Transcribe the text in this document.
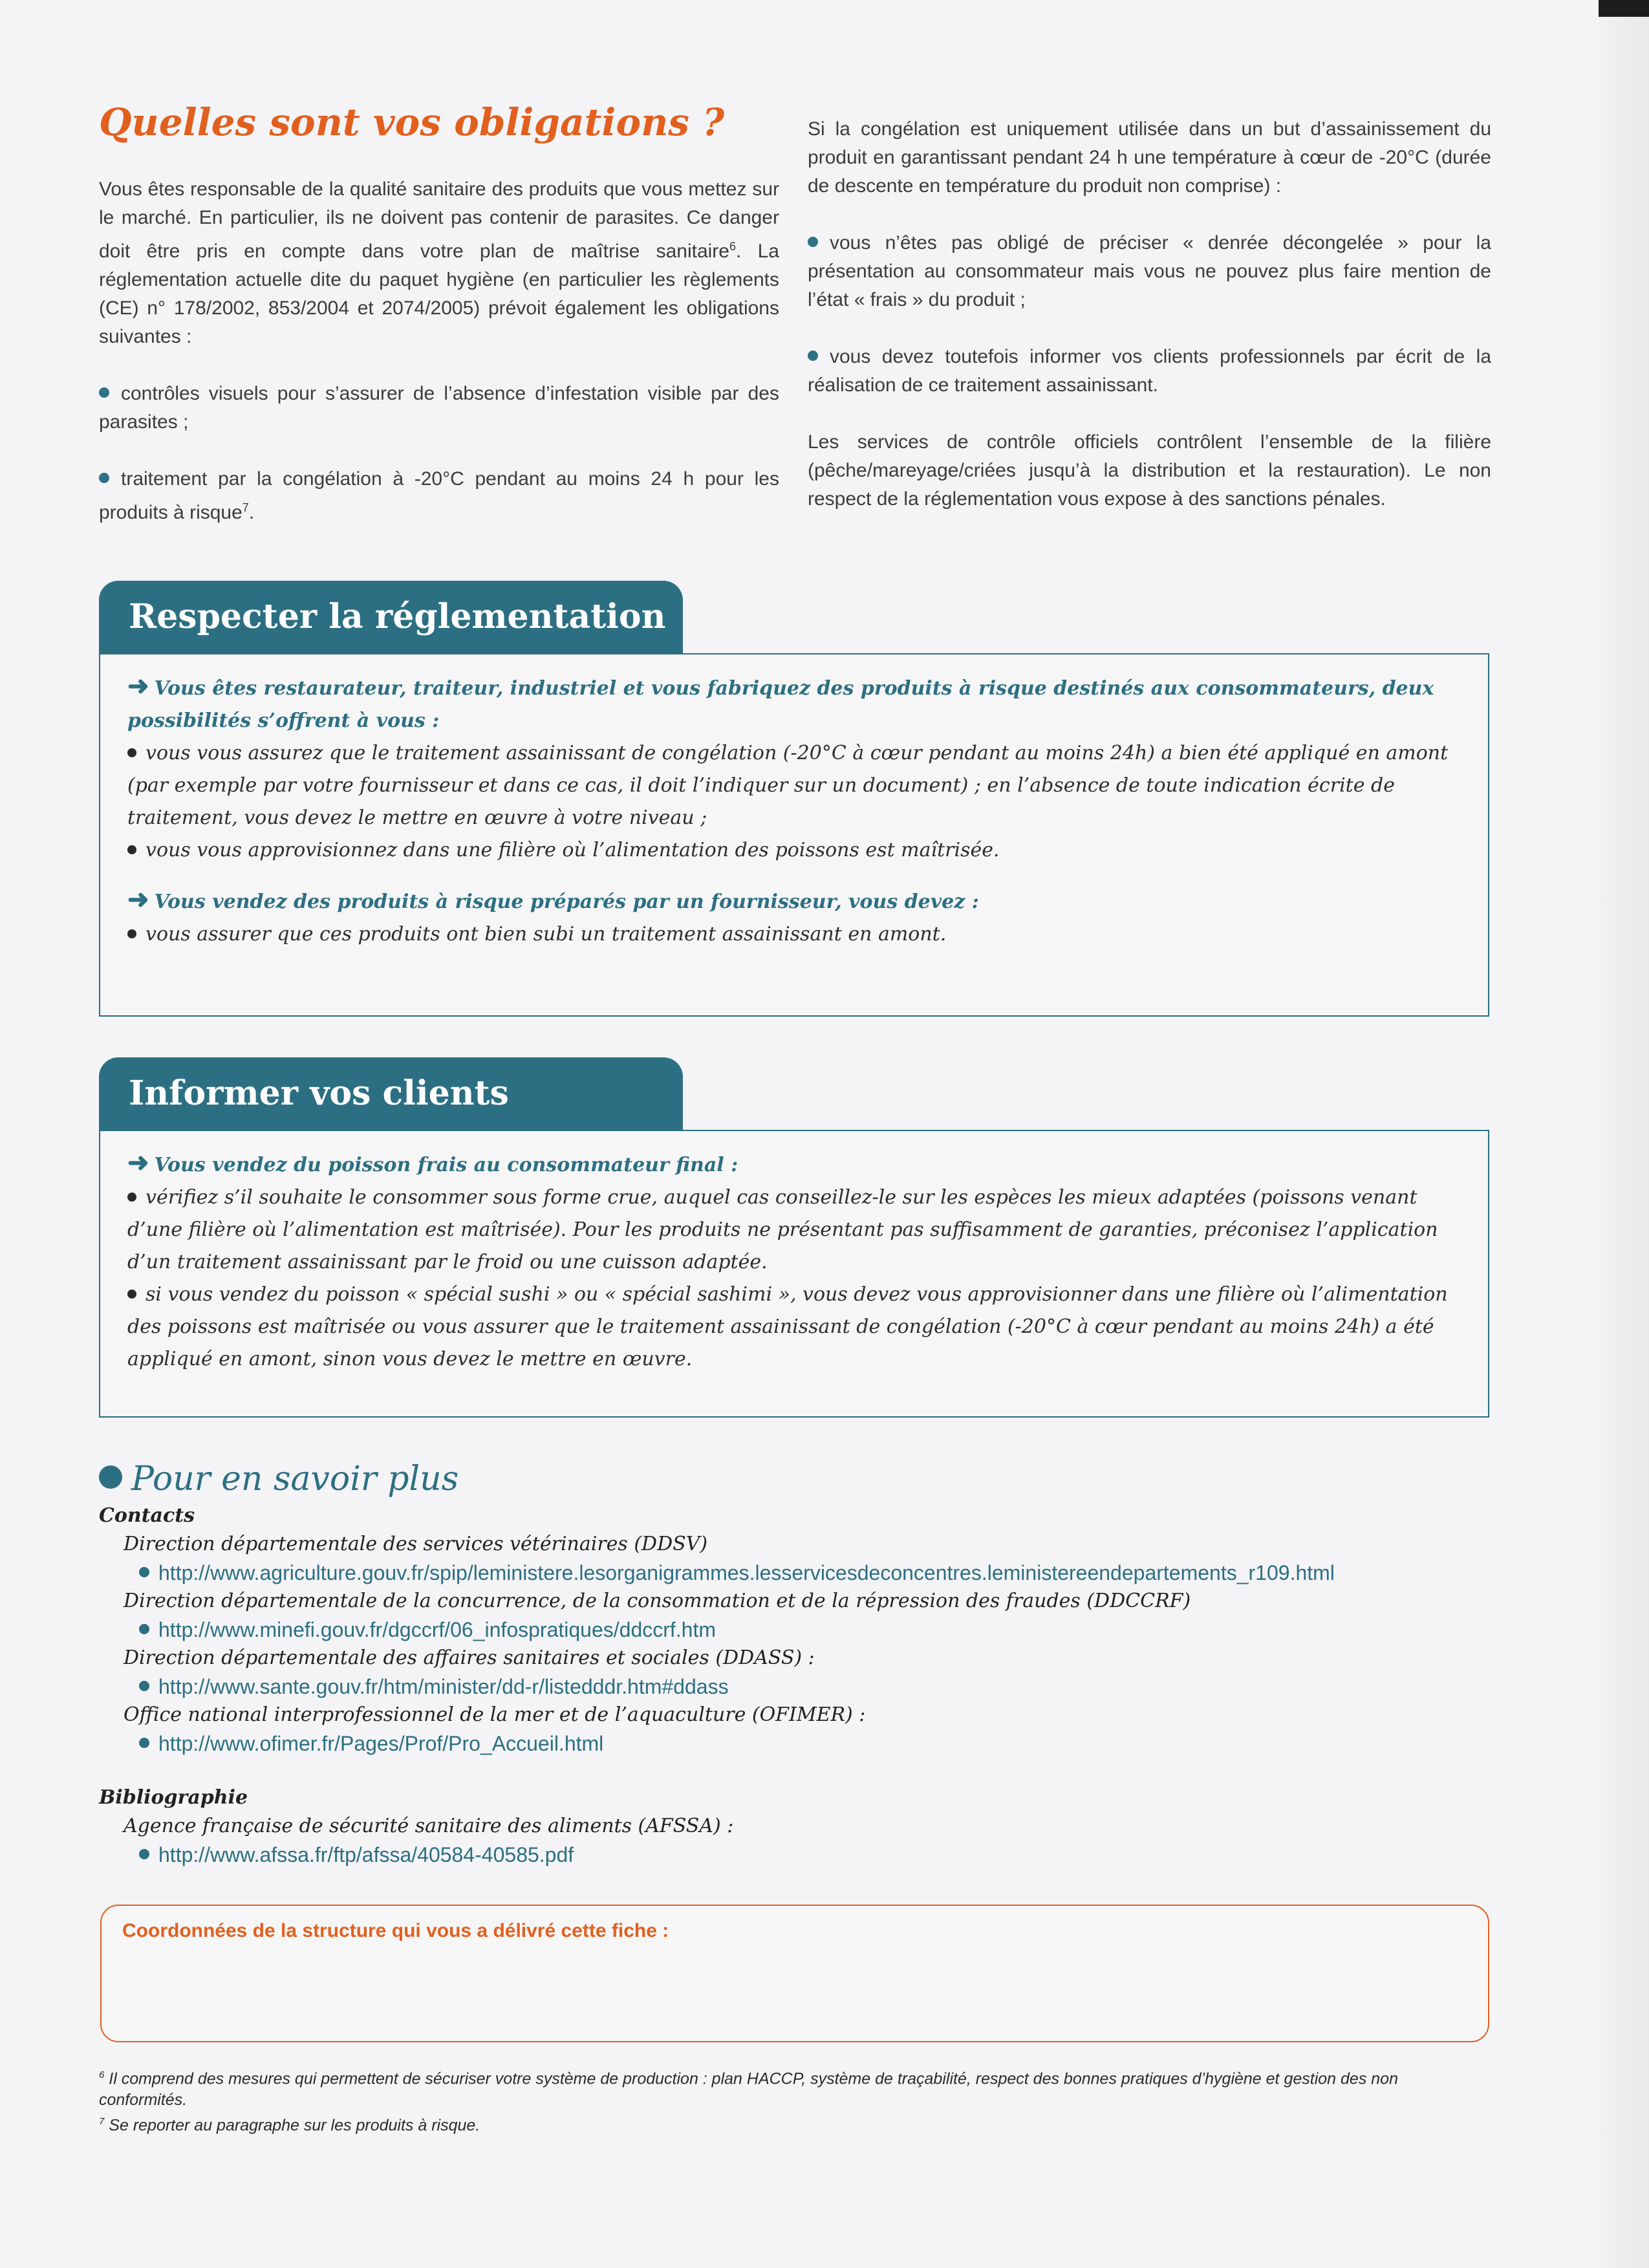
Quelles sont vos obligations ?

Vous êtes responsable de la qualité sanitaire des produits que vous mettez sur le marché. En particulier, ils ne doivent pas contenir de parasites. Ce danger doit être pris en compte dans votre plan de maîtrise sanitaire$^6$. La réglementation actuelle dite du paquet hygiène (en particulier les règlements (CE) n° 178/2002, 853/2004 et 2074/2005) prévoit également les obligations suivantes :

contrôles visuels pour s’assurer de l’absence d’infestation visible par des parasites ;

traitement par la congélation à -20°C pendant au moins 24 h pour les produits à risque$^7$.

Si la congélation est uniquement utilisée dans un but d’assainissement du produit en garantissant pendant 24 h une température à cœur de -20°C (durée de descente en température du produit non comprise) :

vous n’êtes pas obligé de préciser « denrée décongelée » pour la présentation au consommateur mais vous ne pouvez plus faire mention de l’état « frais » du produit ;

vous devez toutefois informer vos clients professionnels par écrit de la réalisation de ce traitement assainissant.

Les services de contrôle officiels contrôlent l’ensemble de la filière (pêche/mareyage/criées jusqu’à la distribution et la restauration). Le non respect de la réglementation vous expose à des sanctions pénales.

Respecter la réglementation

➜ Vous êtes restaurateur, traiteur, industriel et vous fabriquez des produits à risque destinés aux consommateurs, deux possibilités s’offrent à vous :

vous vous assurez que le traitement assainissant de congélation (-20°C à cœur pendant au moins 24h) a bien été appliqué en amont (par exemple par votre fournisseur et dans ce cas, il doit l’indiquer sur un document) ; en l’absence de toute indication écrite de traitement, vous devez le mettre en œuvre à votre niveau ;

vous vous approvisionnez dans une filière où l’alimentation des poissons est maîtrisée.

➜ Vous vendez des produits à risque préparés par un fournisseur, vous devez :

vous assurer que ces produits ont bien subi un traitement assainissant en amont.

Informer vos clients

➜ Vous vendez du poisson frais au consommateur final :

vérifiez s’il souhaite le consommer sous forme crue, auquel cas conseillez-le sur les espèces les mieux adaptées (poissons venant d’une filière où l’alimentation est maîtrisée). Pour les produits ne présentant pas suffisamment de garanties, préconisez l’application d’un traitement assainissant par le froid ou une cuisson adaptée.

si vous vendez du poisson « spécial sushi » ou « spécial sashimi », vous devez vous approvisionner dans une filière où l’alimentation des poissons est maîtrisée ou vous assurer que le traitement assainissant de congélation (-20°C à cœur pendant au moins 24h) a été appliqué en amont, sinon vous devez le mettre en œuvre.

Pour en savoir plus

Contacts

Direction départementale des services vétérinaires (DDSV)

http://www.agriculture.gouv.fr/spip/leministere.lesorganigrammes.lesservicesdeconcentres.leministereendepartements_r109.html

Direction départementale de la concurrence, de la consommation et de la répression des fraudes (DDCCRF)

http://www.minefi.gouv.fr/dgccrf/06_infospratiques/ddccrf.htm

Direction départementale des affaires sanitaires et sociales (DDASS) :

http://www.sante.gouv.fr/htm/minister/dd-r/listedddr.htm#ddass

Office national interprofessionnel de la mer et de l’aquaculture (OFIMER) :

http://www.ofimer.fr/Pages/Prof/Pro_Accueil.html

Bibliographie

Agence française de sécurité sanitaire des aliments (AFSSA) :

http://www.afssa.fr/ftp/afssa/40584-40585.pdf

Coordonnées de la structure qui vous a délivré cette fiche :

$^6$ Il comprend des mesures qui permettent de sécuriser votre système de production : plan HACCP, système de traçabilité, respect des bonnes pratiques d’hygiène et gestion des non conformités.

$^7$ Se reporter au paragraphe sur les produits à risque.
